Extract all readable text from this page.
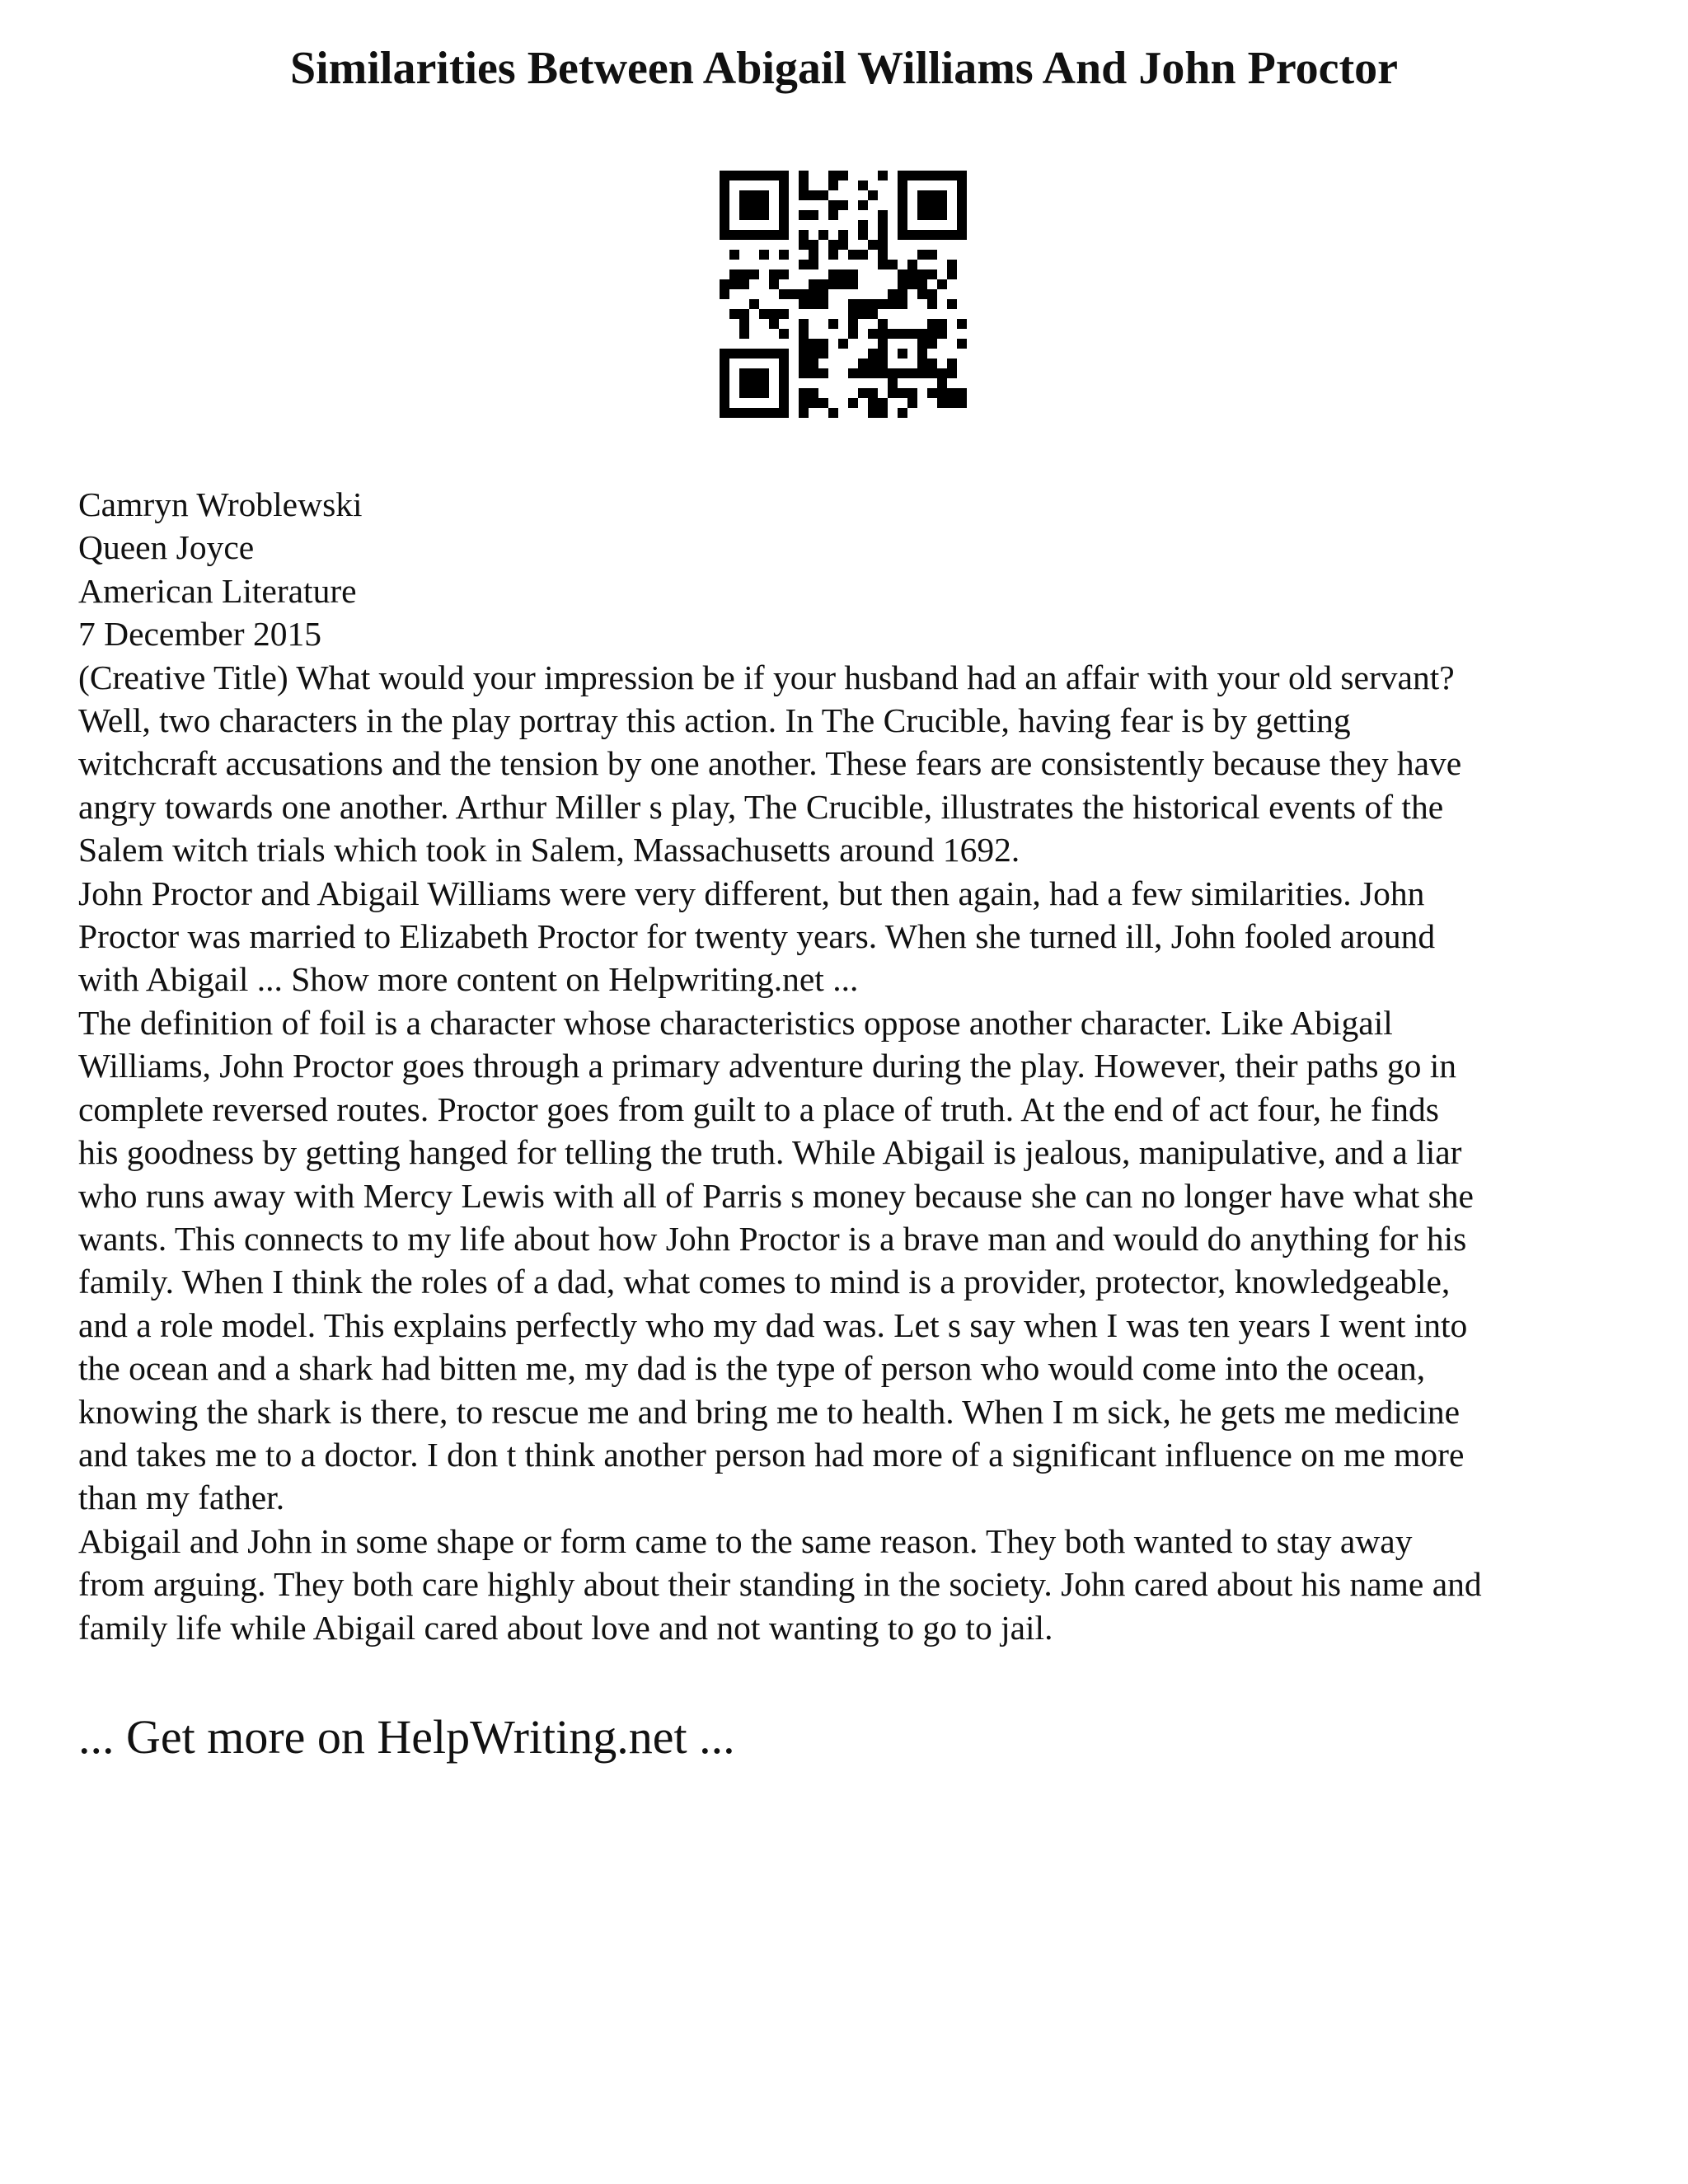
Similarities Between Abigail Williams And John Proctor
Camryn Wroblewski
Queen Joyce
American Literature
7 December 2015

(Creative Title) What would your impression be if your husband had an affair with your old servant?
Well, two characters in the play portray this action. In The Crucible, having fear is by getting
witchcraft accusations and the tension by one another. These fears are consistently because they have
angry towards one another. Arthur Miller s play, The Crucible, illustrates the historical events of the
Salem witch trials which took in Salem, Massachusetts around 1692.

John Proctor and Abigail Williams were very different, but then again, had a few similarities. John
Proctor was married to Elizabeth Proctor for twenty years. When she turned ill, John fooled around
with Abigail ... Show more content on Helpwriting.net ...

The definition of foil is a character whose characteristics oppose another character. Like Abigail
Williams, John Proctor goes through a primary adventure during the play. However, their paths go in
complete reversed routes. Proctor goes from guilt to a place of truth. At the end of act four, he finds
his goodness by getting hanged for telling the truth. While Abigail is jealous, manipulative, and a liar
who runs away with Mercy Lewis with all of Parris s money because she can no longer have what she
wants. This connects to my life about how John Proctor is a brave man and would do anything for his
family. When I think the roles of a dad, what comes to mind is a provider, protector, knowledgeable,
and a role model. This explains perfectly who my dad was. Let s say when I was ten years I went into
the ocean and a shark had bitten me, my dad is the type of person who would come into the ocean,
knowing the shark is there, to rescue me and bring me to health. When I m sick, he gets me medicine
and takes me to a doctor. I don t think another person had more of a significant influence on me more
than my father.

Abigail and John in some shape or form came to the same reason. They both wanted to stay away
from arguing. They both care highly about their standing in the society. John cared about his name and
family life while Abigail cared about love and not wanting to go to jail.

... Get more on HelpWriting.net ...
